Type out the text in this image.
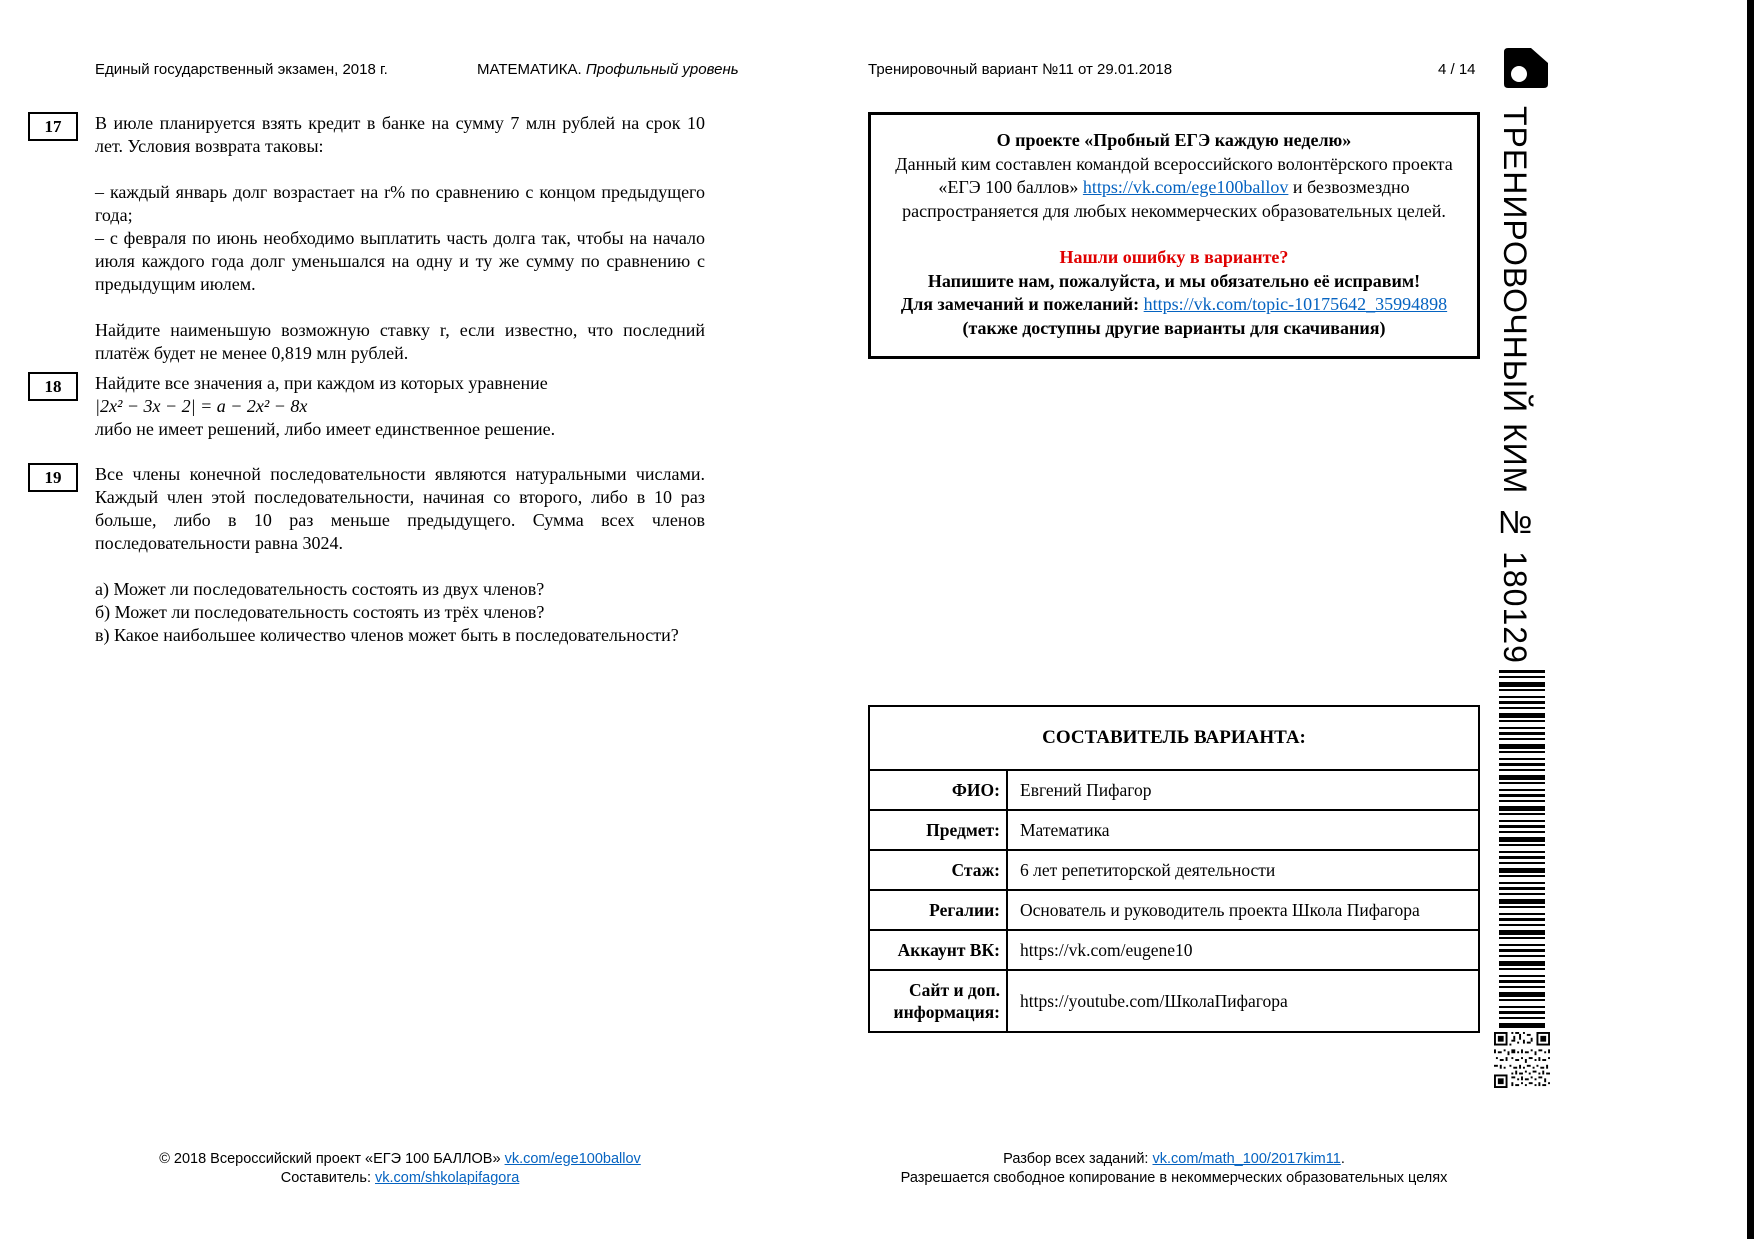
Единый государственный экзамен, 2018 г.	МАТЕМАТИКА. Профильный уровень	Тренировочный вариант №11 от 29.01.2018	4 / 14
17	В июле планируется взять кредит в банке на сумму 7 млн рублей на срок 10 лет. Условия возврата таковы:
– каждый январь долг возрастает на r% по сравнению с концом предыдущего года;
– с февраля по июнь необходимо выплатить часть долга так, чтобы на начало июля каждого года долг уменьшался на одну и ту же сумму по сравнению с предыдущим июлем.
Найдите наименьшую возможную ставку r, если известно, что последний платёж будет не менее 0,819 млн рублей.
18	Найдите все значения a, при каждом из которых уравнение
|2x² − 3x − 2| = a − 2x² − 8x
либо не имеет решений, либо имеет единственное решение.
19	Все члены конечной последовательности являются натуральными числами. Каждый член этой последовательности, начиная со второго, либо в 10 раз больше, либо в 10 раз меньше предыдущего. Сумма всех членов последовательности равна 3024.
а) Может ли последовательность состоять из двух членов?
б) Может ли последовательность состоять из трёх членов?
в) Какое наибольшее количество членов может быть в последовательности?
О проекте «Пробный ЕГЭ каждую неделю»
Данный ким составлен командой всероссийского волонтёрского проекта «ЕГЭ 100 баллов» https://vk.com/ege100ballov и безвозмездно распространяется для любых некоммерческих образовательных целей.
Нашли ошибку в варианте?
Напишите нам, пожалуйста, и мы обязательно её исправим!
Для замечаний и пожеланий: https://vk.com/topic-10175642_35994898
(также доступны другие варианты для скачивания)
СОСТАВИТЕЛЬ ВАРИАНТА:
ФИО:	Евгений Пифагор
Предмет:	Математика
Стаж:	6 лет репетиторской деятельности
Регалии:	Основатель и руководитель проекта Школа Пифагора
Аккаунт ВК:	https://vk.com/eugene10
Сайт и доп. информация:
https://youtube.com/ШколаПифагора
ТРЕНИРОВОЧНЫЙ КИМ № 180129
© 2018 Всероссийский проект «ЕГЭ 100 БАЛЛОВ» vk.com/ege100ballov
Составитель: vk.com/shkolapifagora
Разбор всех заданий: vk.com/math_100/2017kim11.
Разрешается свободное копирование в некоммерческих образовательных целях
